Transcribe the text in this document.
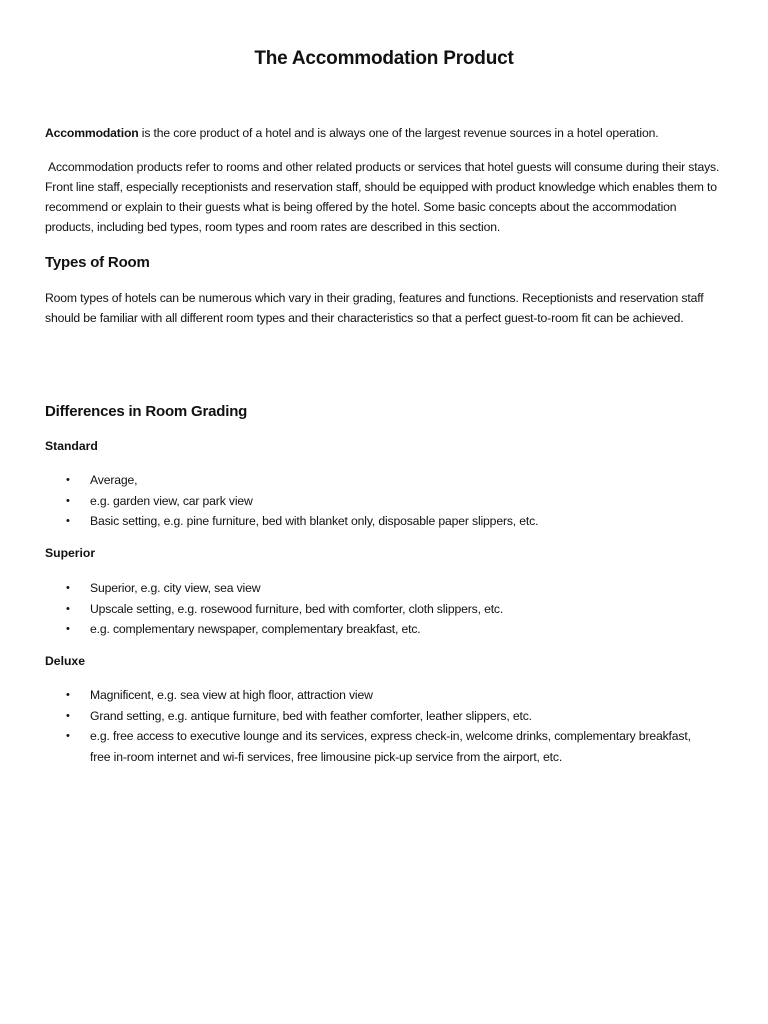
The Accommodation Product

Accommodation is the core product of a hotel and is always one of the largest revenue sources in a hotel operation.

Accommodation products refer to rooms and other related products or services that hotel guests will consume during their stays. Front line staff, especially receptionists and reservation staff, should be equipped with product knowledge which enables them to recommend or explain to their guests what is being offered by the hotel. Some basic concepts about the accommodation products, including bed types, room types and room rates are described in this section.

Types of Room

Room types of hotels can be numerous which vary in their grading, features and functions. Receptionists and reservation staff should be familiar with all different room types and their characteristics so that a perfect guest-to-room fit can be achieved.

Differences in Room Grading
Standard
• Average,
• e.g. garden view, car park view
• Basic setting, e.g. pine furniture, bed with blanket only, disposable paper slippers, etc.
Superior
• Superior, e.g. city view, sea view
• Upscale setting, e.g. rosewood furniture, bed with comforter, cloth slippers, etc.
• e.g. complementary newspaper, complementary breakfast, etc.
Deluxe
• Magnificent, e.g. sea view at high floor, attraction view
• Grand setting, e.g. antique furniture, bed with feather comforter, leather slippers, etc.
• e.g. free access to executive lounge and its services, express check-in, welcome drinks, complementary breakfast, free in-room internet and wi-fi services, free limousine pick-up service from the airport, etc.
